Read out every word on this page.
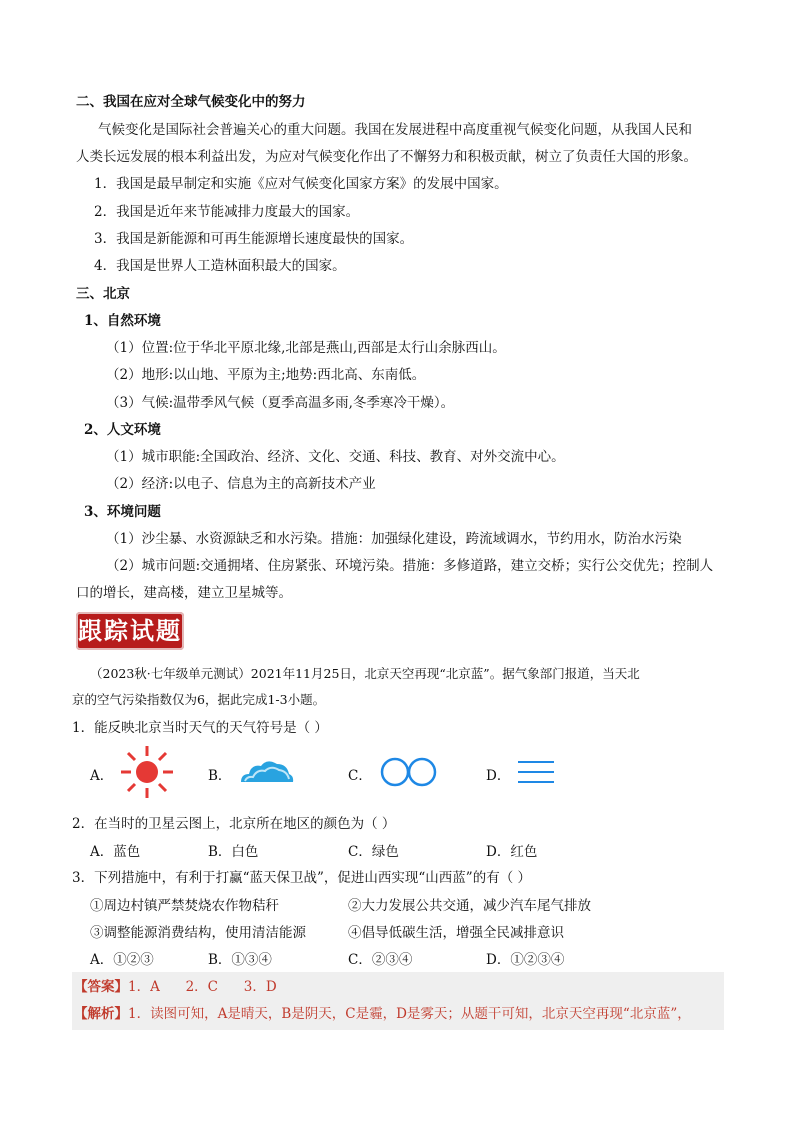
二、我国在应对全球气候变化中的努力
气候变化是国际社会普遍关心的重大问题。我国在发展进程中高度重视气候变化问题，从我国人民和
人类长远发展的根本利益出发，为应对气候变化作出了不懈努力和积极贡献，树立了负责任大国的形象。
1．我国是最早制定和实施《应对气候变化国家方案》的发展中国家。
2．我国是近年来节能减排力度最大的国家。
3．我国是新能源和可再生能源增长速度最快的国家。
4．我国是世界人工造林面积最大的国家。
三、北京
1、自然环境
（1）位置:位于华北平原北缘,北部是燕山,西部是太行山余脉西山。
（2）地形:以山地、平原为主;地势:西北高、东南低。
（3）气候:温带季风气候（夏季高温多雨,冬季寒冷干燥）。
2、人文环境
（1）城市职能:全国政治、经济、文化、交通、科技、教育、对外交流中心。
（2）经济:以电子、信息为主的高新技术产业
3、环境问题
（1）沙尘暴、水资源缺乏和水污染。措施：加强绿化建设，跨流域调水，节约用水，防治水污染
（2）城市问题:交通拥堵、住房紧张、环境污染。措施：多修道路，建立交桥；实行公交优先；控制人
口的增长，建高楼，建立卫星城等。
跟踪试题
（2023秋·七年级单元测试）2021年11月25日，北京天空再现“北京蓝”。据气象部门报道，当天北
京的空气污染指数仅为6，据此完成1-3小题。
1．能反映北京当时天气的天气符号是（ ）
A．	B．	C．	D．
2．在当时的卫星云图上，北京所在地区的颜色为（ ）
A．蓝色	B．白色	C．绿色	D．红色
3．下列措施中，有利于打赢“蓝天保卫战”，促进山西实现“山西蓝”的有（ ）
①周边村镇严禁焚烧农作物秸秆	②大力发展公共交通，减少汽车尾气排放
③调整能源消费结构，使用清洁能源	④倡导低碳生活，增强全民减排意识
A．①②③	B．①③④	C．②③④	D．①②③④
【答案】1．A      2．C      3．D
【解析】1．读图可知，A是晴天，B是阴天，C是霾，D是雾天；从题干可知，北京天空再现“北京蓝”，
